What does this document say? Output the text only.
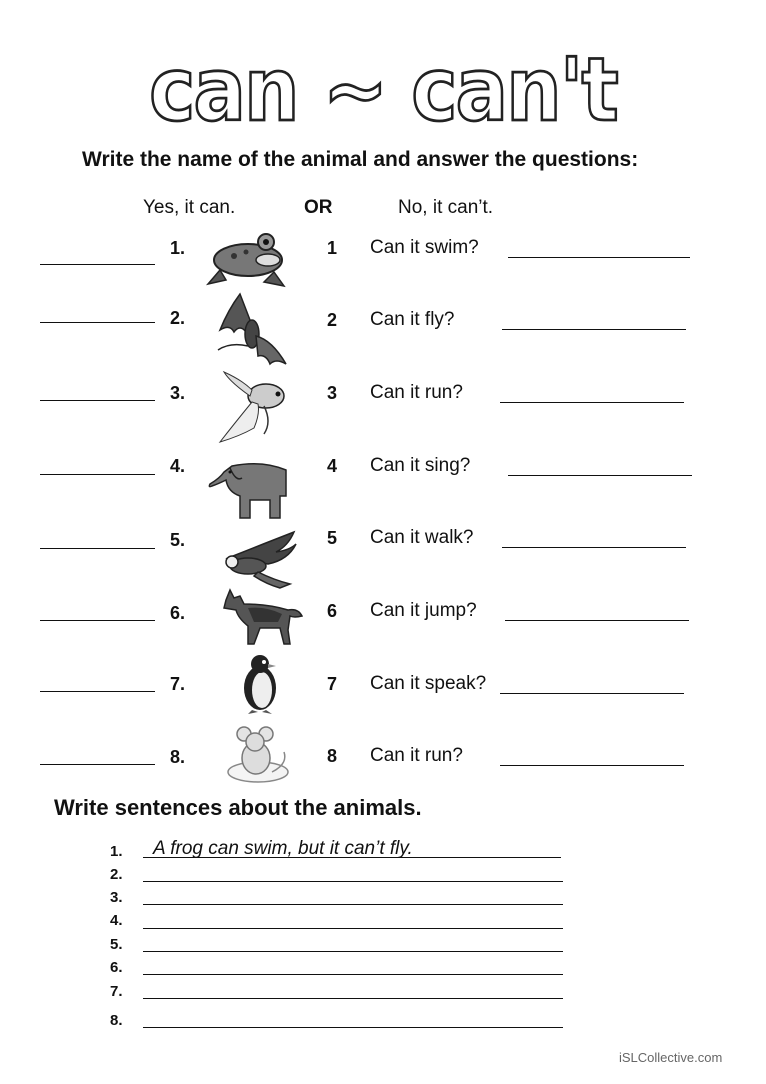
can ~ can't
Write the name of the animal and answer the questions:
Yes, it can.	OR	No, it can’t.
1.	1 Can it swim?
2.	2 Can it fly?
3.	3 Can it run?
4.	4 Can it sing?
5.	5 Can it walk?
6.	6 Can it jump?
7.	7 Can it speak?
8.	8 Can it run?
Write sentences about the animals.
1. A frog can swim, but it can’t fly.
2.
3.
4.
5.
6.
7.
8.
iSLCollective.com
